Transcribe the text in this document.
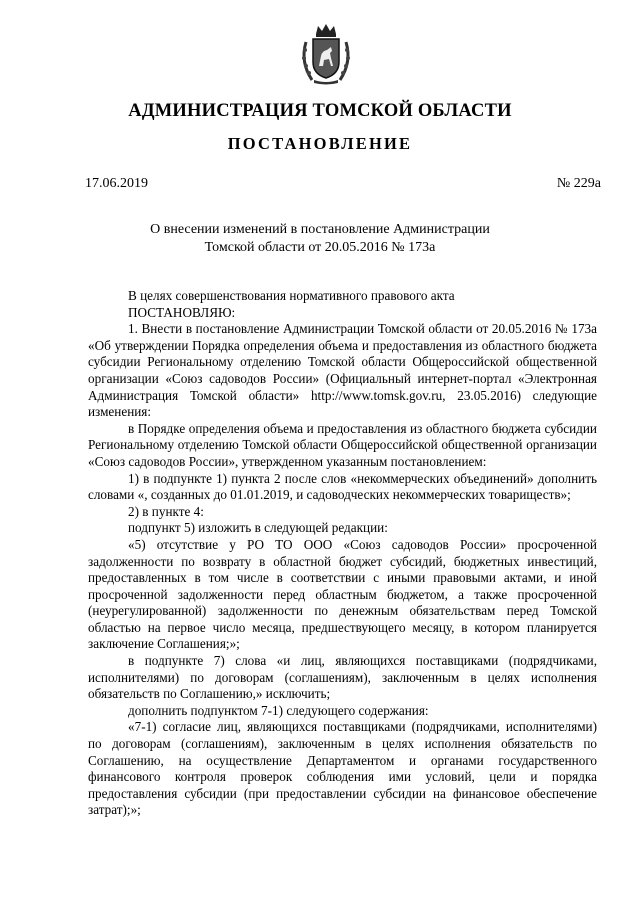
АДМИНИСТРАЦИЯ ТОМСКОЙ ОБЛАСТИ
ПОСТАНОВЛЕНИЕ
17.06.2019	№ 229а
О внесении изменений в постановление Администрации
Томской области от 20.05.2016 № 173а

В целях совершенствования нормативного правового акта

ПОСТАНОВЛЯЮ:

1. Внести в постановление Администрации Томской области от 20.05.2016 № 173а «Об утверждении Порядка определения объема и предоставления из областного бюджета субсидии Региональному отделению Томской области Общероссийской общественной организации «Союз садоводов России» (Официальный интернет-портал «Электронная Администрация Томской области» http://www.tomsk.gov.ru, 23.05.2016) следующие изменения:

в Порядке определения объема и предоставления из областного бюджета субсидии Региональному отделению Томской области Общероссийской общественной организации «Союз садоводов России», утвержденном указанным постановлением:

1) в подпункте 1) пункта 2 после слов «некоммерческих объединений» дополнить словами «, созданных до 01.01.2019, и садоводческих некоммерческих товариществ»;

2) в пункте 4:

подпункт 5) изложить в следующей редакции:

«5) отсутствие у РО ТО ООО «Союз садоводов России» просроченной задолженности по возврату в областной бюджет субсидий, бюджетных инвестиций, предоставленных в том числе в соответствии с иными правовыми актами, и иной просроченной задолженности перед областным бюджетом, а также просроченной (неурегулированной) задолженности по денежным обязательствам перед Томской областью на первое число месяца, предшествующего месяцу, в котором планируется заключение Соглашения;»;

в подпункте 7) слова «и лиц, являющихся поставщиками (подрядчиками, исполнителями) по договорам (соглашениям), заключенным в целях исполнения обязательств по Соглашению,» исключить;

дополнить подпунктом 7-1) следующего содержания:

«7-1) согласие лиц, являющихся поставщиками (подрядчиками, исполнителями) по договорам (соглашениям), заключенным в целях исполнения обязательств по Соглашению, на осуществление Департаментом и органами государственного финансового контроля проверок соблюдения ими условий, цели и порядка предоставления субсидии (при предоставлении субсидии на финансовое обеспечение затрат);»;
